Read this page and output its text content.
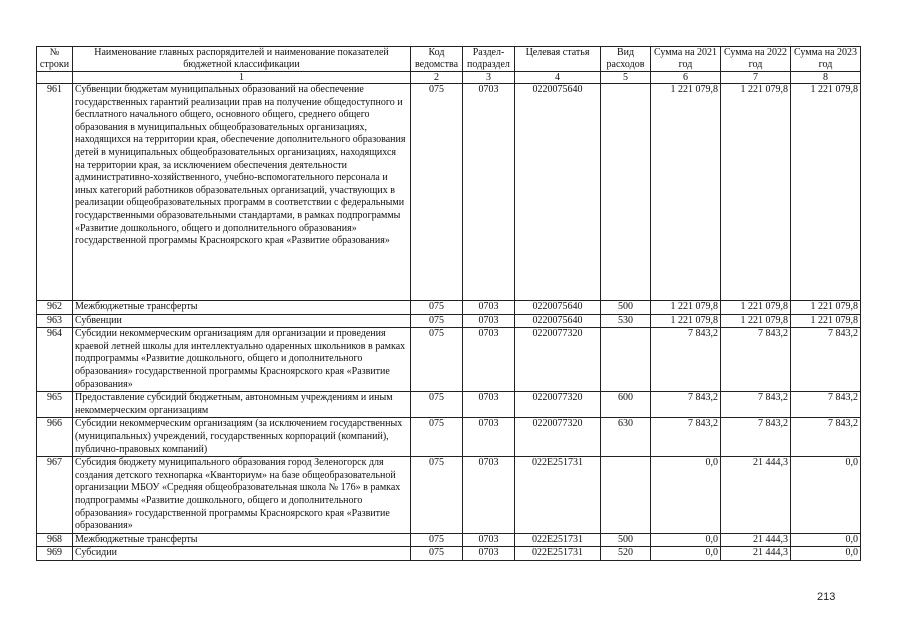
№ строки	Наименование главных распорядителей и наименование показателей бюджетной классификации	Код ведомства	Раздел-подраздел	Целевая статья	Вид расходов	Сумма на 2021 год	Сумма на 2022 год	Сумма на 2023 год
	1	2	3	4	5	6	7	8
961	Субвенции бюджетам муниципальных образований на обеспечение государственных гарантий реализации прав на получение общедоступного и бесплатного начального общего, основного общего, среднего общего образования в муниципальных общеобразовательных организациях, находящихся на территории края, обеспечение дополнительного образования детей в муниципальных общеобразовательных организациях, находящихся на территории края, за исключением обеспечения деятельности административно-хозяйственного, учебно-вспомогательного персонала и иных категорий работников образовательных организаций, участвующих в реализации общеобразовательных программ в соответствии с федеральными государственными образовательными стандартами, в рамках подпрограммы «Развитие дошкольного, общего и дополнительного образования» государственной программы Красноярского края «Развитие образования»	075	0703	0220075640		1 221 079,8	1 221 079,8	1 221 079,8
962	Межбюджетные трансферты	075	0703	0220075640	500	1 221 079,8	1 221 079,8	1 221 079,8
963	Субвенции	075	0703	0220075640	530	1 221 079,8	1 221 079,8	1 221 079,8
964	Субсидии некоммерческим организациям для организации и проведения краевой летней школы для интеллектуально одаренных школьников в рамках подпрограммы «Развитие дошкольного, общего и дополнительного образования» государственной программы Красноярского края «Развитие образования»	075	0703	0220077320		7 843,2	7 843,2	7 843,2
965	Предоставление субсидий бюджетным, автономным учреждениям и иным некоммерческим организациям	075	0703	0220077320	600	7 843,2	7 843,2	7 843,2
966	Субсидии некоммерческим организациям (за исключением государственных (муниципальных) учреждений, государственных корпораций (компаний), публично-правовых компаний)	075	0703	0220077320	630	7 843,2	7 843,2	7 843,2
967	Субсидия бюджету муниципального образования город Зеленогорск для создания детского технопарка «Кванториум» на базе общеобразовательной организации МБОУ «Средняя общеобразовательная школа № 176» в рамках подпрограммы «Развитие дошкольного, общего и дополнительного образования» государственной программы Красноярского края «Развитие образования»	075	0703	022E251731		0,0	21 444,3	0,0
968	Межбюджетные трансферты	075	0703	022E251731	500	0,0	21 444,3	0,0
969	Субсидии	075	0703	022E251731	520	0,0	21 444,3	0,0
213
